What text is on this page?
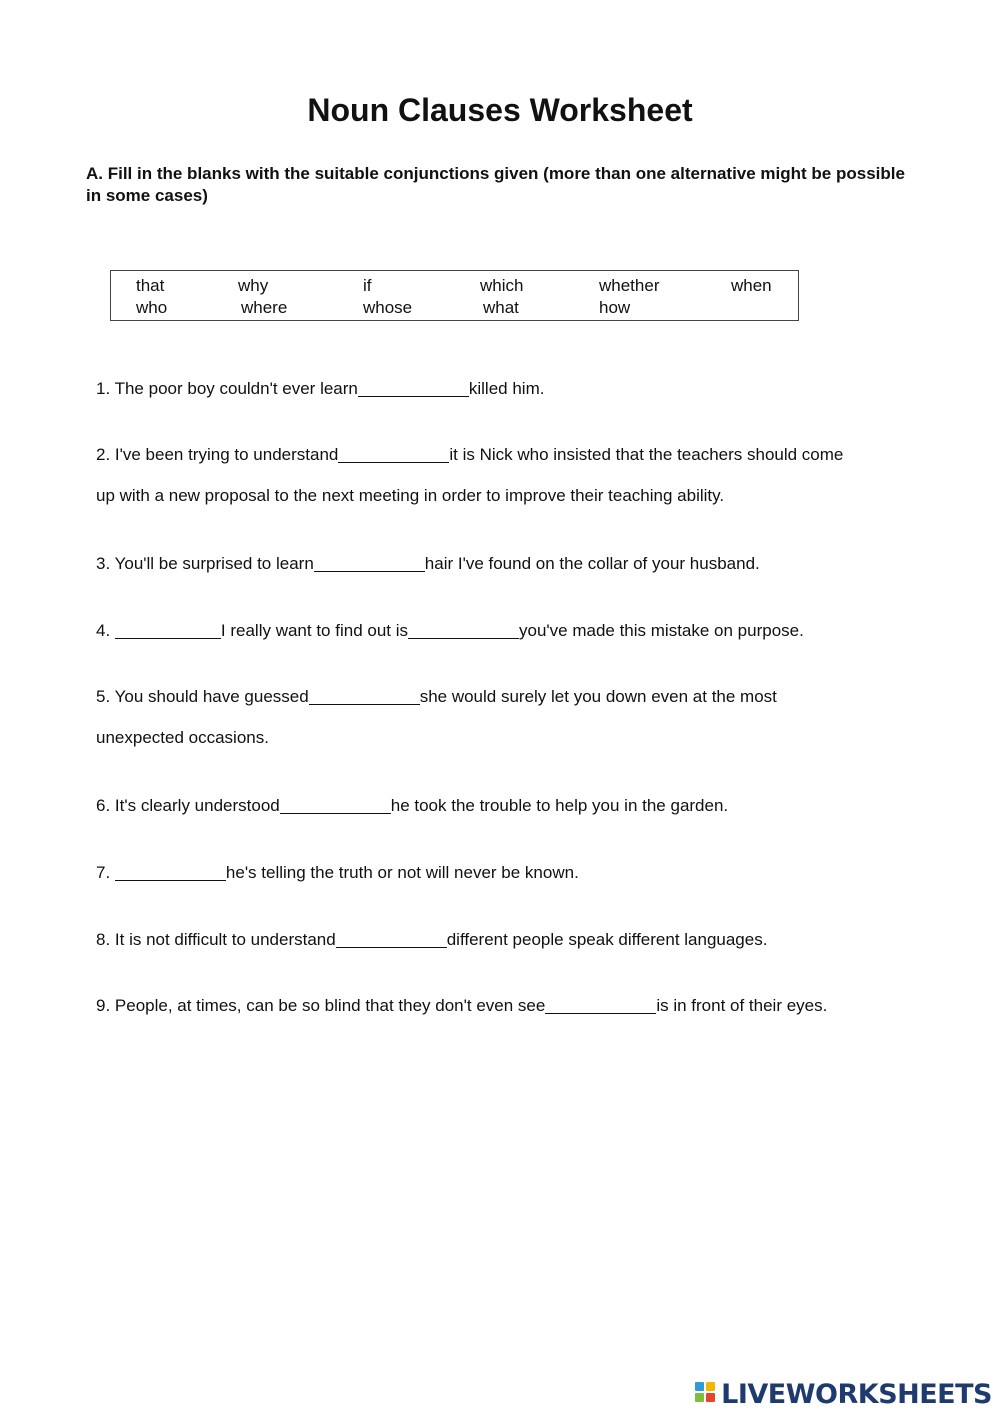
Noun Clauses Worksheet
A. Fill in the blanks with the suitable conjunctions given (more than one alternative might be possible in some cases)
that	why	if	which	whether	when
who	where	whose	what	how
1. The poor boy couldn't ever learn	killed him.
2. I've been trying to understand	it is Nick who insisted that the teachers should come
up with a new proposal to the next meeting in order to improve their teaching ability.
3. You'll be surprised to learn	hair I've found on the collar of your husband.
4.	I really want to find out is	you've made this mistake on purpose.
5. You should have guessed	she would surely let you down even at the most
unexpected occasions.
6. It's clearly understood	he took the trouble to help you in the garden.
7.	he's telling the truth or not will never be known.
8. It is not difficult to understand	different people speak different languages.
9. People, at times, can be so blind that they don't even see	is in front of their eyes.
LIVEWORKSHEETS
